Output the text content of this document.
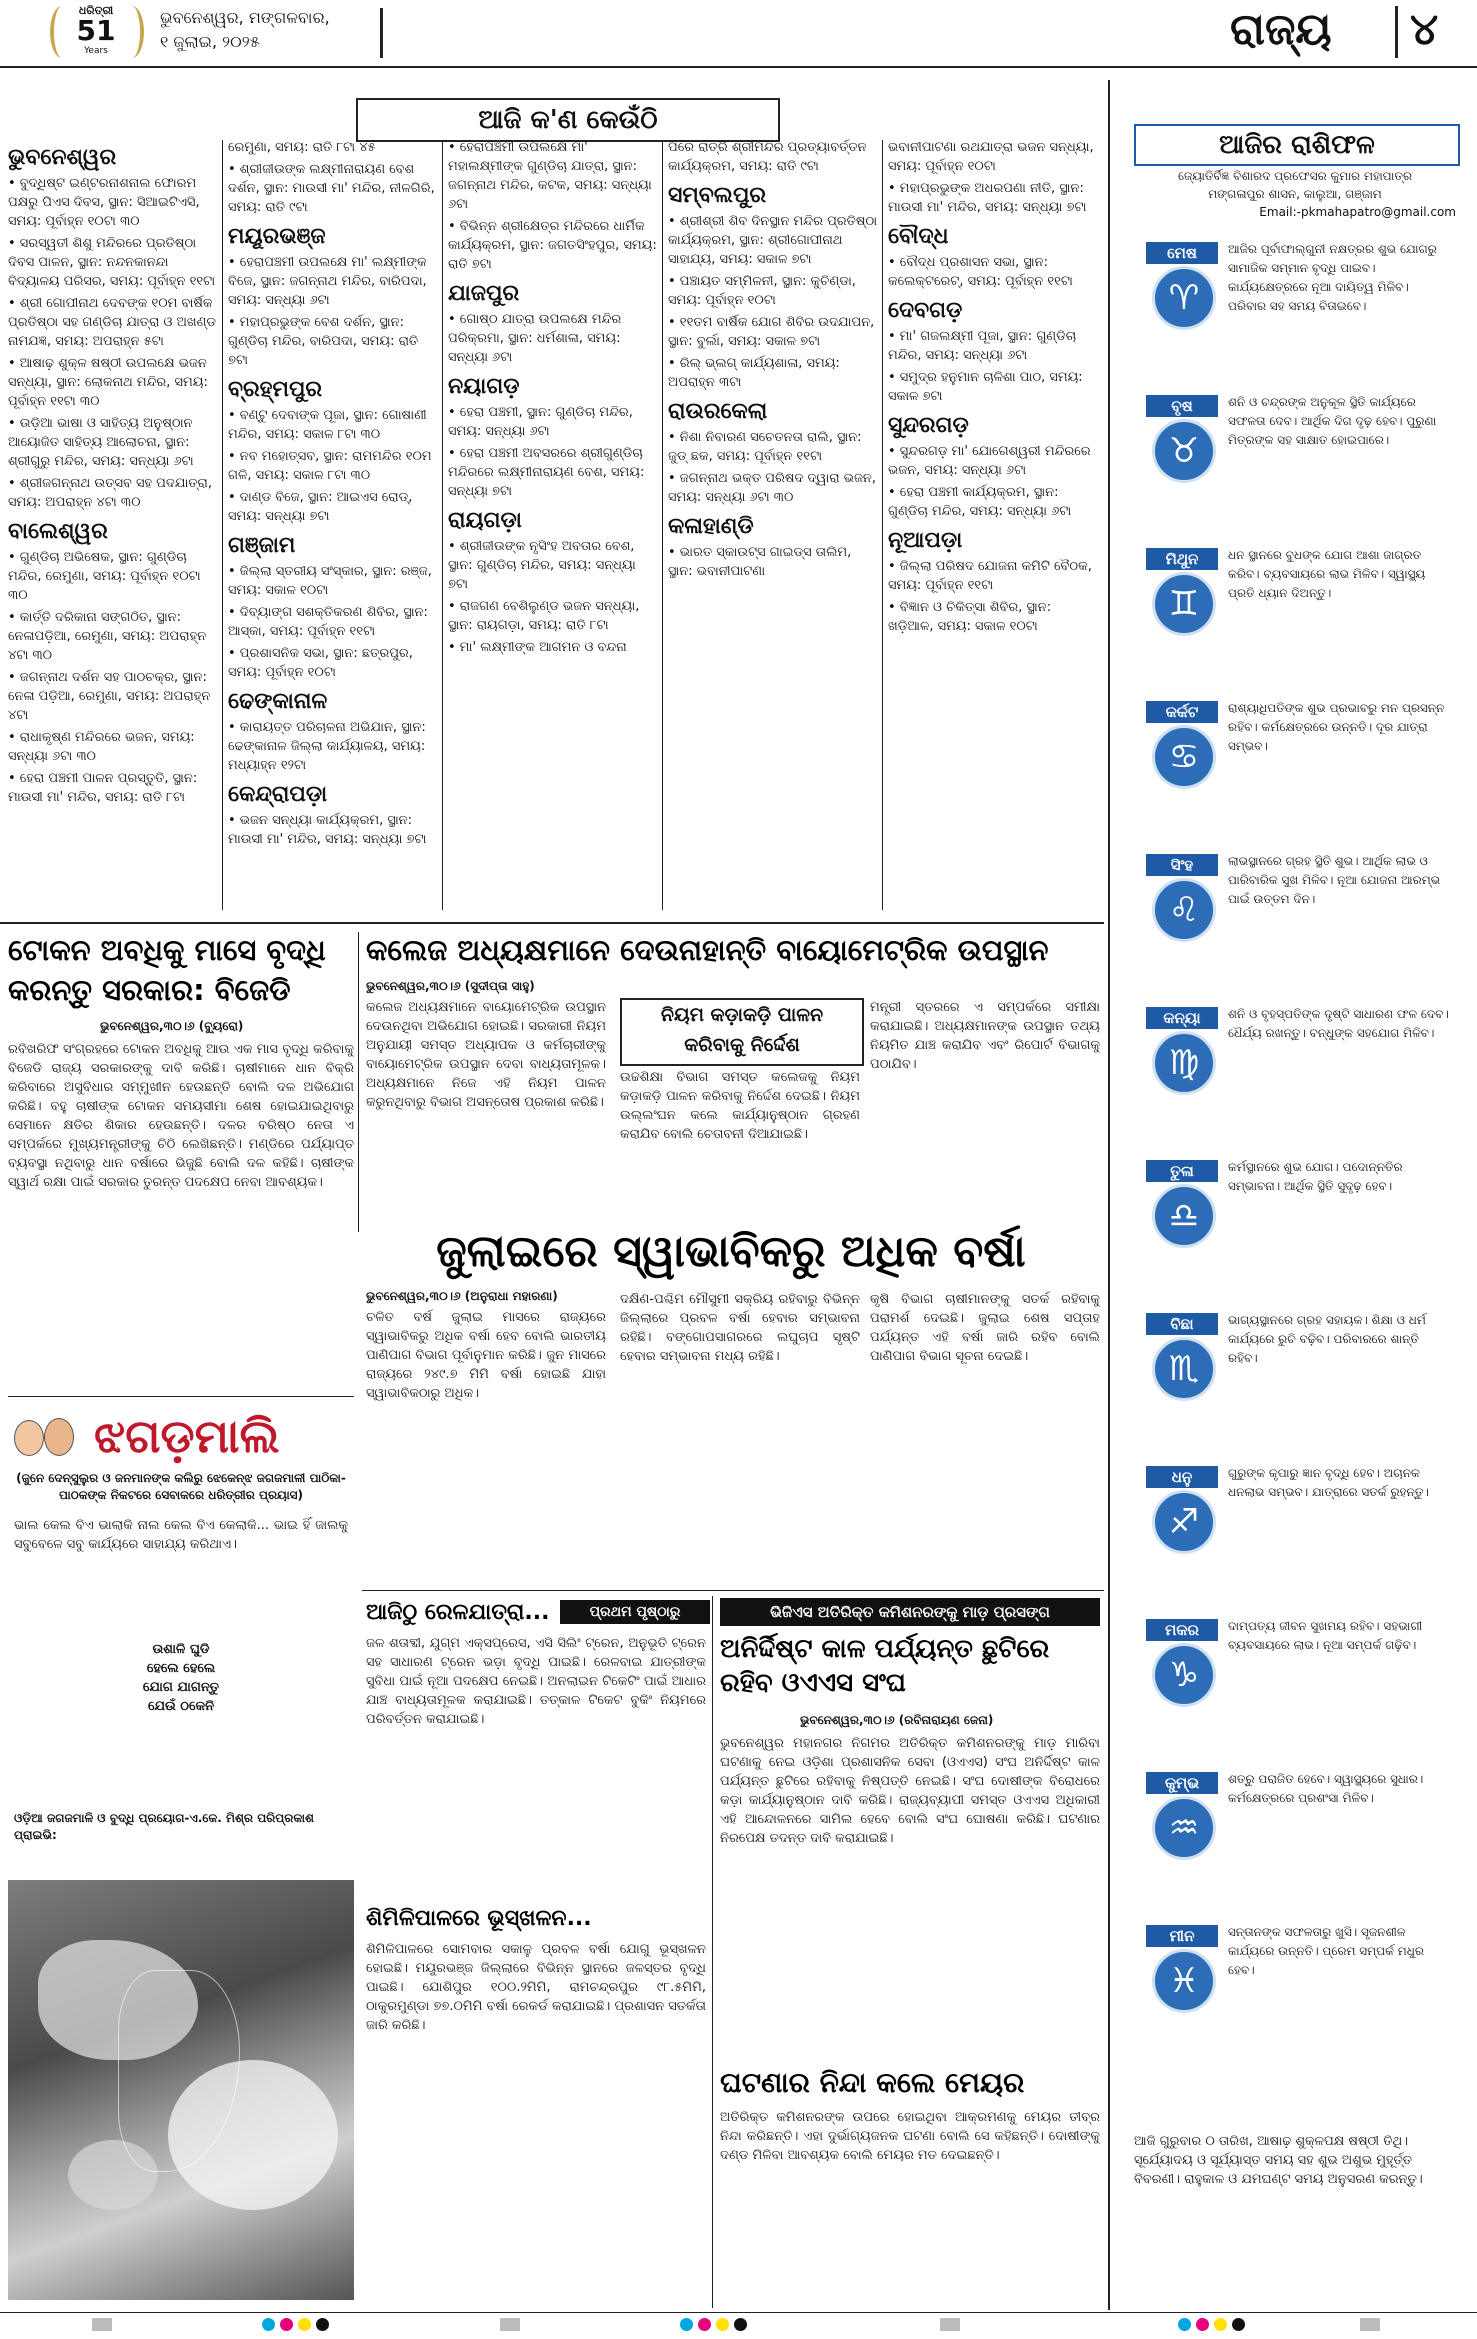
ଧରିତ୍ରୀ
51
Years
ଭୁବନେଶ୍ୱର, ମଙ୍ଗଳବାର,
୧ ଜୁଲାଇ, ୨୦୨୫	ରାଜ୍ୟ ୪
ଆଜି କ'ଣ କେଉଁଠି
ଭୁବନେଶ୍ୱର
• ବୁଦ୍ଧିଷ୍ଟ ଇଣ୍ଟରନାଶନାଲ ଫୋରମ ପକ୍ଷରୁ ପିଏସ ଦିବସ, ସ୍ଥାନ: ସିଆଇଟିଏସି, ସମୟ: ପୂର୍ବାହ୍ନ ୧୦ଟା ୩୦
• ସରସ୍ୱତୀ ଶିଶୁ ମନ୍ଦିରରେ ପ୍ରତିଷ୍ଠା ଦିବସ ପାଳନ, ସ୍ଥାନ: ନନ୍ଦନକାନନ୍ଦା ବିଦ୍ୟାଳୟ ପରିସର, ସମୟ: ପୂର୍ବାହ୍ନ ୧୧ଟା
• ଶ୍ରୀ ଗୋପୀନାଥ ଦେବଙ୍କ ୧୦ମ ବାର୍ଷିକ ପ୍ରତିଷ୍ଠା ସହ ଗଣ୍ଡିଚା ଯାତ୍ରା ଓ ଅଖଣ୍ଡ ନାମଯଜ୍ଞ, ସମୟ: ଅପରାହ୍ନ ୫ଟା
• ଆଷାଢ଼ ଶୁକ୍ଳ ଷଷ୍ଠୀ ଉପଲକ୍ଷେ ଭଜନ ସନ୍ଧ୍ୟା, ସ୍ଥାନ: ଲୋକନାଥ ମନ୍ଦିର, ସମୟ: ପୂର୍ବାହ୍ନ ୧୧ଟା ୩୦
• ଉଡ଼ିଆ ଭାଷା ଓ ସାହିତ୍ୟ ଅନୁଷ୍ଠାନ ଆୟୋଜିତ ସାହିତ୍ୟ ଆଲୋଚନା, ସ୍ଥାନ: ଶ୍ରୀଗୁରୁ ମନ୍ଦିର, ସମୟ: ସନ୍ଧ୍ୟା ୬ଟା
• ଶ୍ରୀଜଗନ୍ନାଥ ଉତ୍ସବ ସହ ପଦଯାତ୍ରା, ସମୟ: ଅପରାହ୍ନ ୪ଟା ୩୦
ବାଲେଶ୍ୱର
• ଗୁଣ୍ଡିଚା ଅଭିଷେକ, ସ୍ଥାନ: ଗୁଣ୍ଡିଚା ମନ୍ଦିର, ରେମୁଣା, ସମୟ: ପୂର୍ବାହ୍ନ ୧୦ଟା ୩୦
• କାର୍ତ୍ତି ଦରିକାନା ସଙ୍ଗଠିତ, ସ୍ଥାନ: ନେଳାପଡ଼ିଆ, ରେମୁଣା, ସମୟ: ଅପରାହ୍ନ ୪ଟା ୩୦
• ଜଗନ୍ନାଥ ଦର୍ଶନ ସହ ପାଠଚକ୍ର, ସ୍ଥାନ: ନେଳା ପଡ଼ିଆ, ରେମୁଣା, ସମୟ: ଅପରାହ୍ନ ୪ଟା
• ରାଧାକୃଷ୍ଣ ମନ୍ଦିରରେ ଭଜନ, ସମୟ: ସନ୍ଧ୍ୟା ୬ଟା ୩୦
• ହେରା ପଞ୍ଚମୀ ପାଳନ ପ୍ରସ୍ତୁତି, ସ୍ଥାନ: ମାଉସୀ ମା' ମନ୍ଦିର, ସମୟ: ରାତି ୮ଟା
ରେମୁଣା, ସମୟ: ରାତି ୮ଟା ୪୫
• ଶ୍ରୀଜୀଉଙ୍କ ଲକ୍ଷ୍ମୀନାରାୟଣ ବେଶ ଦର୍ଶନ, ସ୍ଥାନ: ମାଉସୀ ମା' ମନ୍ଦିର, ନୀଳଗିରି, ସମୟ: ରାତି ୯ଟା
ମୟୂରଭଞ୍ଜ
• ହେରାପଞ୍ଚମୀ ଉପଲକ୍ଷେ ମା' ଲକ୍ଷ୍ମୀଙ୍କ ବିଜେ, ସ୍ଥାନ: ଜଗନ୍ନାଥ ମନ୍ଦିର, ବାରିପଦା, ସମୟ: ସନ୍ଧ୍ୟା ୬ଟା
• ମହାପ୍ରଭୁଙ୍କ ବେଶ ଦର୍ଶନ, ସ୍ଥାନ: ଗୁଣ୍ଡିଚା ମନ୍ଦିର, ବାରିପଦା, ସମୟ: ରାତି ୭ଟା
ବ୍ରହ୍ମପୁର
• ବଣ୍ଟୁ ଦେବାଙ୍କ ପୂଜା, ସ୍ଥାନ: ଗୋଷାଣୀ ମନ୍ଦିର, ସମୟ: ସକାଳ ୮ଟା ୩୦
• ନବ ମହୋତ୍ସବ, ସ୍ଥାନ: ରାମମନ୍ଦିର ୧୦ମ ଗଳି, ସମୟ: ସକାଳ ୮ଟା ୩୦
• ଦାଣ୍ଡ ବିଜେ, ସ୍ଥାନ: ଆଇଏସ ରୋଡ୍, ସମୟ: ସନ୍ଧ୍ୟା ୭ଟା
ଗଞ୍ଜାମ
• ଜିଲ୍ଲା ସ୍ତରୀୟ ସଂସ୍କାର, ସ୍ଥାନ: ରଞ୍ଜ, ସମୟ: ସକାଳ ୧୦ଟା
• ଦିବ୍ୟାଙ୍ଗ ସଶକ୍ତିକରଣ ଶିବିର, ସ୍ଥାନ: ଆସ୍କା, ସମୟ: ପୂର୍ବାହ୍ନ ୧୧ଟା
• ପ୍ରଶାସନିକ ସଭା, ସ୍ଥାନ: ଛତ୍ରପୁର, ସମୟ: ପୂର୍ବାହ୍ନ ୧୦ଟା
ଢେଙ୍କାନାଳ
• କାରାୟତ୍ତ ପରିଚାଳନା ଅଭିଯାନ, ସ୍ଥାନ: ଢେଙ୍କାନାଳ ଜିଲ୍ଲା କାର୍ଯ୍ୟାଳୟ, ସମୟ: ମଧ୍ୟାହ୍ନ ୧୨ଟା
କେନ୍ଦ୍ରାପଡ଼ା
• ଭଜନ ସନ୍ଧ୍ୟା କାର୍ଯ୍ୟକ୍ରମ, ସ୍ଥାନ: ମାଉସୀ ମା' ମନ୍ଦିର, ସମୟ: ସନ୍ଧ୍ୟା ୭ଟା
• ହେରାପଞ୍ଚମୀ ଉପଲକ୍ଷେ ମା' ମହାଲକ୍ଷ୍ମୀଙ୍କ ଗୁଣ୍ଡିଚା ଯାତ୍ରା, ସ୍ଥାନ: ଜଗନ୍ନାଥ ମନ୍ଦିର, କଟକ, ସମୟ: ସନ୍ଧ୍ୟା ୬ଟା
• ବିଭିନ୍ନ ଶ୍ରୀକ୍ଷେତ୍ର ମନ୍ଦିରରେ ଧାର୍ମିକ କାର୍ଯ୍ୟକ୍ରମ, ସ୍ଥାନ: ଜଗତସିଂହପୁର, ସମୟ: ରାତି ୭ଟା
ଯାଜପୁର
• ଗୋଷ୍ଠ ଯାତ୍ରା ଉପଲକ୍ଷେ ମନ୍ଦିର ପରିକ୍ରମା, ସ୍ଥାନ: ଧର୍ମଶାଳା, ସମୟ: ସନ୍ଧ୍ୟା ୬ଟା
ନୟାଗଡ଼
• ହେରା ପଞ୍ଚମୀ, ସ୍ଥାନ: ଗୁଣ୍ଡିଚା ମନ୍ଦିର, ସମୟ: ସନ୍ଧ୍ୟା ୬ଟା
• ହେରା ପଞ୍ଚମୀ ଅବସରରେ ଶ୍ରୀଗୁଣ୍ଡିଚା ମନ୍ଦିରରେ ଲକ୍ଷ୍ମୀନାରାୟଣ ବେଶ, ସମୟ: ସନ୍ଧ୍ୟା ୭ଟା
ରାୟଗଡ଼ା
• ଶ୍ରୀଜୀଉଙ୍କ ନୃସିଂହ ଅବତାର ବେଶ, ସ୍ଥାନ: ଗୁଣ୍ଡିଚା ମନ୍ଦିର, ସମୟ: ସନ୍ଧ୍ୟା ୭ଟା
• ରାଜଗଣ ବେଶିଲୁଣ୍ଡ ଭଜନ ସନ୍ଧ୍ୟା, ସ୍ଥାନ: ରାୟଗଡ଼ା, ସମୟ: ରାତି ୮ଟା
• ମା' ଲକ୍ଷ୍ମୀଙ୍କ ଆଗମନ ଓ ବନ୍ଦନା
ପରେ ରାତ୍ରି ଶ୍ରୀମନ୍ଦିର ପ୍ରତ୍ୟାବର୍ତ୍ତନ କାର୍ଯ୍ୟକ୍ରମ, ସମୟ: ରାତି ୯ଟା
ସମ୍ବଲପୁର
• ଶ୍ରୀଶ୍ରୀ ଶିବ ଦିନସ୍ଥାନ ମନ୍ଦିର ପ୍ରତିଷ୍ଠା କାର୍ଯ୍ୟକ୍ରମ, ସ୍ଥାନ: ଶ୍ରୀଗୋପୀନାଥ ସାହାଯ୍ୟ, ସମୟ: ସକାଳ ୭ଟା
• ପଞ୍ଚାୟତ ସମ୍ମିଳନୀ, ସ୍ଥାନ: କୁଚିଣ୍ଡା, ସମୟ: ପୂର୍ବାହ୍ନ ୧୦ଟା
• ୧୧ତମ ବାର୍ଷିକ ଯୋଗ ଶିବିର ଉଦଯାପନ, ସ୍ଥାନ: ବୁର୍ଲା, ସମୟ: ସକାଳ ୭ଟା
• ରିଲ୍ ଭ୍ଲଗ୍ କାର୍ଯ୍ୟଶାଳା, ସମୟ: ଅପରାହ୍ନ ୩ଟା
ରାଉରକେଲା
• ନିଶା ନିବାରଣ ସଚେତନତା ରାଲି, ସ୍ଥାନ: ଜୁଡ୍ ଛକ, ସମୟ: ପୂର୍ବାହ୍ନ ୧୧ଟା
• ଜଗନ୍ନାଥ ଭକ୍ତ ପରିଷଦ ଦ୍ୱାରା ଭଜନ, ସମୟ: ସନ୍ଧ୍ୟା ୬ଟା ୩୦
କଳାହାଣ୍ଡି
• ଭାରତ ସ୍କାଉଟ୍ସ ଗାଇଡ୍ସ ତାଲିମ, ସ୍ଥାନ: ଭବାନୀପାଟଣା
ଭବାନୀପାଟଣା ରଥଯାତ୍ରା ଭଜନ ସନ୍ଧ୍ୟା, ସମୟ: ପୂର୍ବାହ୍ନ ୧୦ଟା
• ମହାପ୍ରଭୁଙ୍କ ଅଧରପଣା ନୀତି, ସ୍ଥାନ: ମାଉସୀ ମା' ମନ୍ଦିର, ସମୟ: ସନ୍ଧ୍ୟା ୭ଟା
ବୌଦ୍ଧ
• ବୌଦ୍ଧ ପ୍ରଶାସନ ସଭା, ସ୍ଥାନ: କଲେକ୍ଟରେଟ୍, ସମୟ: ପୂର୍ବାହ୍ନ ୧୧ଟା
ଦେବଗଡ଼
• ମା' ଗଜଲକ୍ଷ୍ମୀ ପୂଜା, ସ୍ଥାନ: ଗୁଣ୍ଡିଚା ମନ୍ଦିର, ସମୟ: ସନ୍ଧ୍ୟା ୬ଟା
• ସମୁଦ୍ର ହନୁମାନ ଚାଳିଶା ପାଠ, ସମୟ: ସକାଳ ୭ଟା
ସୁନ୍ଦରଗଡ଼
• ସୁନ୍ଦରଗଡ଼ ମା' ଯୋଗେଶ୍ୱରୀ ମନ୍ଦିରରେ ଭଜନ, ସମୟ: ସନ୍ଧ୍ୟା ୬ଟା
• ହେରା ପଞ୍ଚମୀ କାର୍ଯ୍ୟକ୍ରମ, ସ୍ଥାନ: ଗୁଣ୍ଡିଚା ମନ୍ଦିର, ସମୟ: ସନ୍ଧ୍ୟା ୬ଟା
ନୂଆପଡ଼ା
• ଜିଲ୍ଲା ପରିଷଦ ଯୋଜନା କମିଟି ବୈଠକ, ସମୟ: ପୂର୍ବାହ୍ନ ୧୧ଟା
• ବିଜ୍ଞାନ ଓ ଚିକିତ୍ସା ଶିବିର, ସ୍ଥାନ: ଖଡ଼ିଆଳ, ସମୟ: ସକାଳ ୧୦ଟା
ଆଜିର ରାଶିଫଳ
ଜ୍ୟୋତିର୍ବିଜ୍ଞ ବିଶାରଦ ପ୍ରଫେସର କୁମାର ମହାପାତ୍ର
ମଙ୍ଗଳାପୁର ଶାସନ, କାଲୁଆ, ଗଞ୍ଜାମ
Email:-pkmahapatro@gmail.com
ମେଷ
♈
ଆଜିର ପୂର୍ବାଫାଲ୍ଗୁନୀ ନକ୍ଷତ୍ରର ଶୁଭ ଯୋଗରୁ ସାମାଜିକ ସମ୍ମାନ ବୃଦ୍ଧି ପାଇବ। କାର୍ଯ୍ୟକ୍ଷେତ୍ରରେ ନୂଆ ଦାୟିତ୍ୱ ମିଳିବ। ପରିବାର ସହ ସମୟ ବିତାଇବେ।
ବୃଷ
♉
ଶନି ଓ ଚନ୍ଦ୍ରଙ୍କ ଅନୁକୂଳ ସ୍ଥିତି କାର୍ଯ୍ୟରେ ସଫଳତା ଦେବ। ଆର୍ଥିକ ଦିଗ ଦୃଢ଼ ହେବ। ପୁରୁଣା ମିତ୍ରଙ୍କ ସହ ସାକ୍ଷାତ ହୋଇପାରେ।
ମିଥୁନ
♊
ଧନ ସ୍ଥାନରେ ବୁଧଙ୍କ ଯୋଗ ଆଶା ଜାଗ୍ରତ କରିବ। ବ୍ୟବସାୟରେ ଲାଭ ମିଳିବ। ସ୍ୱାସ୍ଥ୍ୟ ପ୍ରତି ଧ୍ୟାନ ଦିଅନ୍ତୁ।
କର୍କଟ
♋
ରାଶ୍ୟାଧିପତିଙ୍କ ଶୁଭ ପ୍ରଭାବରୁ ମନ ପ୍ରସନ୍ନ ରହିବ। କର୍ମକ୍ଷେତ୍ରରେ ଉନ୍ନତି। ଦୂର ଯାତ୍ରା ସମ୍ଭବ।
ସିଂହ
♌
ଲାଭସ୍ଥାନରେ ଗ୍ରହ ସ୍ଥିତି ଶୁଭ। ଆର୍ଥିକ ଲାଭ ଓ ପାରିବାରିକ ସୁଖ ମିଳିବ। ନୂଆ ଯୋଜନା ଆରମ୍ଭ ପାଇଁ ଉତ୍ତମ ଦିନ।
କନ୍ୟା
♍
ଶନି ଓ ବୃହସ୍ପତିଙ୍କ ଦୃଷ୍ଟି ସାଧାରଣ ଫଳ ଦେବ। ଧୈର୍ଯ୍ୟ ରଖନ୍ତୁ। ବନ୍ଧୁଙ୍କ ସହଯୋଗ ମିଳିବ।
ତୁଳା
♎
କର୍ମସ୍ଥାନରେ ଶୁଭ ଯୋଗ। ପଦୋନ୍ନତିର ସମ୍ଭାବନା। ଆର୍ଥିକ ସ୍ଥିତି ସୁଦୃଢ଼ ହେବ।
ବିଛା
♏
ଭାଗ୍ୟସ୍ଥାନରେ ଗ୍ରହ ସହାୟକ। ଶିକ୍ଷା ଓ ଧର୍ମ କାର୍ଯ୍ୟରେ ରୁଚି ବଢ଼ିବ। ପରିବାରରେ ଶାନ୍ତି ରହିବ।
ଧନୁ
♐
ଗୁରୁଙ୍କ କୃପାରୁ ଜ୍ଞାନ ବୃଦ୍ଧି ହେବ। ଅଚାନକ ଧନଲାଭ ସମ୍ଭବ। ଯାତ୍ରାରେ ସତର୍କ ରୁହନ୍ତୁ।
ମକର
♑
ଦାମ୍ପତ୍ୟ ଜୀବନ ସୁଖମୟ ରହିବ। ସହଭାଗୀ ବ୍ୟବସାୟରେ ଲାଭ। ନୂଆ ସମ୍ପର୍କ ଗଢ଼ିବ।
କୁମ୍ଭ
♒
ଶତ୍ରୁ ପରାଜିତ ହେବେ। ସ୍ୱାସ୍ଥ୍ୟରେ ସୁଧାର। କର୍ମକ୍ଷେତ୍ରରେ ପ୍ରଶଂସା ମିଳିବ।
ମୀନ
♓
ସନ୍ତାନଙ୍କ ସଫଳତାରୁ ଖୁସି। ସୃଜନଶୀଳ କାର୍ଯ୍ୟରେ ଉନ୍ନତି। ପ୍ରେମ ସମ୍ପର୍କ ମଧୁର ହେବ।
ଆଜି ଗୁରୁବାର ୦ ତାରିଖ, ଆଷାଢ଼ ଶୁକ୍ଳପକ୍ଷ ଷଷ୍ଠୀ ତିଥି। ସୂର୍ଯ୍ୟୋଦୟ ଓ ସୂର୍ଯ୍ୟାସ୍ତ ସମୟ ସହ ଶୁଭ ଅଶୁଭ ମୁହୂର୍ତ୍ତ ବିବରଣୀ। ରାହୁକାଳ ଓ ଯମଘଣ୍ଟ ସମୟ ଅନୁସରଣ କରନ୍ତୁ।
ଟୋକନ ଅବଧିକୁ ମାସେ ବୃଦ୍ଧି କରନ୍ତୁ ସରକାର: ବିଜେଡି
ଭୁବନେଶ୍ୱର,୩୦।୬ (ବ୍ୟୁରୋ)
ରବିଖରିଫ ସଂଗ୍ରହରେ ଟୋକନ ଅବଧିକୁ ଆଉ ଏକ ମାସ ବୃଦ୍ଧି କରିବାକୁ ବିଜେଡି ରାଜ୍ୟ ସରକାରଙ୍କୁ ଦାବି କରିଛି। ଚାଷୀମାନେ ଧାନ ବିକ୍ରି କରିବାରେ ଅସୁବିଧାର ସମ୍ମୁଖୀନ ହେଉଛନ୍ତି ବୋଲି ଦଳ ଅଭିଯୋଗ କରିଛି। ବହୁ ଚାଷୀଙ୍କ ଟୋକନ ସମୟସୀମା ଶେଷ ହୋଇଯାଇଥିବାରୁ ସେମାନେ କ୍ଷତିର ଶିକାର ହେଉଛନ୍ତି। ଦଳର ବରିଷ୍ଠ ନେତା ଏ ସମ୍ପର୍କରେ ମୁଖ୍ୟମନ୍ତ୍ରୀଙ୍କୁ ଚିଠି ଲେଖିଛନ୍ତି। ମଣ୍ଡିରେ ପର୍ଯ୍ୟାପ୍ତ ବ୍ୟବସ୍ଥା ନଥିବାରୁ ଧାନ ବର୍ଷାରେ ଭିଜୁଛି ବୋଲି ଦଳ କହିଛି। ଚାଷୀଙ୍କ ସ୍ୱାର୍ଥ ରକ୍ଷା ପାଇଁ ସରକାର ତୁରନ୍ତ ପଦକ୍ଷେପ ନେବା ଆବଶ୍ୟକ।
କଲେଜ ଅଧ୍ୟକ୍ଷମାନେ ଦେଉନାହାନ୍ତି ବାୟୋମେଟ୍ରିକ ଉପସ୍ଥାନ
ଭୁବନେଶ୍ୱର,୩୦।୬ (ସୁଦୀପ୍ତା ସାହୁ)
କଲେଜ ଅଧ୍ୟକ୍ଷମାନେ ବାୟୋମେଟ୍ରିକ ଉପସ୍ଥାନ ଦେଉନଥିବା ଅଭିଯୋଗ ହୋଇଛି। ସରକାରୀ ନିୟମ ଅନୁଯାୟୀ ସମସ୍ତ ଅଧ୍ୟାପକ ଓ କର୍ମଚାରୀଙ୍କୁ ବାୟୋମେଟ୍ରିକ ଉପସ୍ଥାନ ଦେବା ବାଧ୍ୟତାମୂଳକ। ଅଧ୍ୟକ୍ଷମାନେ ନିଜେ ଏହି ନିୟମ ପାଳନ କରୁନଥିବାରୁ ବିଭାଗ ଅସନ୍ତୋଷ ପ୍ରକାଶ କରିଛି।
ନିୟମ କଡ଼ାକଡ଼ି ପାଳନ
କରିବାକୁ ନିର୍ଦ୍ଦେଶ
ଉଚ୍ଚଶିକ୍ଷା ବିଭାଗ ସମସ୍ତ କଲେଜକୁ ନିୟମ କଡ଼ାକଡ଼ି ପାଳନ କରିବାକୁ ନିର୍ଦ୍ଦେଶ ଦେଇଛି। ନିୟମ ଉଲ୍ଲଂଘନ କଲେ କାର୍ଯ୍ୟାନୁଷ୍ଠାନ ଗ୍ରହଣ କରାଯିବ ବୋଲି ଚେତାବନୀ ଦିଆଯାଇଛି।
ମନ୍ତ୍ରୀ ସ୍ତରରେ ଏ ସମ୍ପର୍କରେ ସମୀକ୍ଷା କରାଯାଇଛି। ଅଧ୍ୟକ୍ଷମାନଙ୍କ ଉପସ୍ଥାନ ତଥ୍ୟ ନିୟମିତ ଯାଞ୍ଚ କରାଯିବ ଏବଂ ରିପୋର୍ଟ ବିଭାଗକୁ ପଠାଯିବ।
ଜୁଲାଇରେ ସ୍ୱାଭାବିକରୁ ଅଧିକ ବର୍ଷା
ଭୁବନେଶ୍ୱର,୩୦।୬ (ଅନୁରାଧା ମହାରଣା)
ଚଳିତ ବର୍ଷ ଜୁଲାଇ ମାସରେ ରାଜ୍ୟରେ ସ୍ୱାଭାବିକରୁ ଅଧିକ ବର୍ଷା ହେବ ବୋଲି ଭାରତୀୟ ପାଣିପାଗ ବିଭାଗ ପୂର୍ବାନୁମାନ କରିଛି। ଜୁନ ମାସରେ ରାଜ୍ୟରେ ୨୪୯.୭ ମିମି ବର୍ଷା ହୋଇଛି ଯାହା ସ୍ୱାଭାବିକଠାରୁ ଅଧିକ।
ଦକ୍ଷିଣ-ପଶ୍ଚିମ ମୌସୁମୀ ସକ୍ରିୟ ରହିବାରୁ ବିଭିନ୍ନ ଜିଲ୍ଲାରେ ପ୍ରବଳ ବର୍ଷା ହେବାର ସମ୍ଭାବନା ରହିଛି। ବଙ୍ଗୋପସାଗରରେ ଲଘୁଚାପ ସୃଷ୍ଟି ହେବାର ସମ୍ଭାବନା ମଧ୍ୟ ରହିଛି।
କୃଷି ବିଭାଗ ଚାଷୀମାନଙ୍କୁ ସତର୍କ ରହିବାକୁ ପରାମର୍ଶ ଦେଇଛି। ଜୁଲାଇ ଶେଷ ସପ୍ତାହ ପର୍ଯ୍ୟନ୍ତ ଏହି ବର୍ଷା ଜାରି ରହିବ ବୋଲି ପାଣିପାଗ ବିଭାଗ ସୂଚନା ଦେଇଛି।
ଝଗଡ଼ମାଲି
(ଜୁନେ ଦେନ୍‌ସୁଲୁର ଓ ଜନମାନଙ୍କ କଲିରୁ ଝେକେନ୍‌ଝ ଜଗଜମାଳୀ ପାଠିକା-ପାଠକଙ୍କ ନିକଟରେ ସେବାକରେ ଧରିତ୍ରୀର ପ୍ରୟାସ)
ଭାଲ କେଲ ବିଏ ଭାଲାକି ନାଲ କେଲ ବିଏ କେଲାକି... ଭାଇ ହିଁ ଜାଲକୁ ସବୁବେଳେ ସବୁ କାର୍ଯ୍ୟରେ ସାହାଯ୍ୟ କରିଥାଏ।
ଉଶାଳି ଘୁଡି
ହେଲେ ହେଲେ
ଯୋଗ ଯାଗନ୍ତୁ
ଯେଉଁ ଠକେନି
ଓଡ଼ିଆ ଜଗଜମାଳି ଓ ବୁଦ୍ଧି ପ୍ରୟୋଗ-ଏ.କେ. ମିଶ୍ର ପରିପ୍ରକାଶ ପ୍ରାଇଭି:
ଆଜିଠୁ ରେଳଯାତ୍ରା...	ପ୍ରଥମ ପୃଷ୍ଠାରୁ
ଜଳ ଶତାବ୍ଦୀ, ଯୁଗ୍ମ ଏକ୍ସପ୍ରେସ, ଏସି ସିଲିଂ ଟ୍ରେନ, ଅନୁଭୂତି ଟ୍ରେନ ସହ ସାଧାରଣ ଟ୍ରେନ ଭଡ଼ା ବୃଦ୍ଧି ପାଇଛି। ରେଳବାଇ ଯାତ୍ରୀଙ୍କ ସୁବିଧା ପାଇଁ ନୂଆ ପଦକ୍ଷେପ ନେଇଛି। ଅନଲାଇନ ଟିକେଟିଂ ପାଇଁ ଆଧାର ଯାଞ୍ଚ ବାଧ୍ୟତାମୂଳକ କରାଯାଇଛି। ତତ୍କାଳ ଟିକେଟ ବୁକିଂ ନିୟମରେ ପରିବର୍ତ୍ତନ କରାଯାଇଛି।
ଶିମିଳିପାଳରେ ଭୂସ୍ଖଳନ...
ଶିମିଳିପାଳରେ ସୋମବାର ସକାଳୁ ପ୍ରବଳ ବର୍ଷା ଯୋଗୁ ଭୂସ୍ଖଳନ ହୋଇଛି। ମୟୂରଭଞ୍ଜ ଜିଲ୍ଲାରେ ବିଭିନ୍ନ ସ୍ଥାନରେ ଜଳସ୍ତର ବୃଦ୍ଧି ପାଇଛି। ଯୋଶିପୁର ୧୦୦.୨ମିମି, ରାମଚନ୍ଦ୍ରପୁର ୯୮.୫ମିମି, ଠାକୁରମୁଣ୍ଡା ୭୭.୦ମିମି ବର୍ଷା ରେକର୍ଡ କରାଯାଇଛି। ପ୍ରଶାସନ ସତର୍କତା ଜାରି କରିଛି।
ଭିଜିଏସ ଅତିରିକ୍ତ କମିଶନରଙ୍କୁ ମାଡ଼ ପ୍ରସଙ୍ଗ
ଅନିର୍ଦ୍ଦିଷ୍ଟ କାଳ ପର୍ଯ୍ୟନ୍ତ ଛୁଟିରେ ରହିବ ଓଏଏସ ସଂଘ
ଭୁବନେଶ୍ୱର,୩୦।୬ (ରବିନାରାୟଣ ଜେନା)
ଭୁବନେଶ୍ୱର ମହାନଗର ନିଗମର ଅତିରିକ୍ତ କମିଶନରଙ୍କୁ ମାଡ଼ ମାରିବା ଘଟଣାକୁ ନେଇ ଓଡ଼ିଶା ପ୍ରଶାସନିକ ସେବା (ଓଏଏସ) ସଂଘ ଅନିର୍ଦ୍ଦିଷ୍ଟ କାଳ ପର୍ଯ୍ୟନ୍ତ ଛୁଟିରେ ରହିବାକୁ ନିଷ୍ପତ୍ତି ନେଇଛି। ସଂଘ ଦୋଷୀଙ୍କ ବିରୋଧରେ କଡ଼ା କାର୍ଯ୍ୟାନୁଷ୍ଠାନ ଦାବି କରିଛି। ରାଜ୍ୟବ୍ୟାପୀ ସମସ୍ତ ଓଏଏସ ଅଧିକାରୀ ଏହି ଆନ୍ଦୋଳନରେ ସାମିଲ ହେବେ ବୋଲି ସଂଘ ଘୋଷଣା କରିଛି। ଘଟଣାର ନିରପେକ୍ଷ ତଦନ୍ତ ଦାବି କରାଯାଇଛି।
ଘଟଣାର ନିନ୍ଦା କଲେ ମେୟର
ଅତିରିକ୍ତ କମିଶନରଙ୍କ ଉପରେ ହୋଇଥିବା ଆକ୍ରମଣକୁ ମେୟର ତୀବ୍ର ନିନ୍ଦା କରିଛନ୍ତି। ଏହା ଦୁର୍ଭାଗ୍ୟଜନକ ଘଟଣା ବୋଲି ସେ କହିଛନ୍ତି। ଦୋଷୀଙ୍କୁ ଦଣ୍ଡ ମିଳିବା ଆବଶ୍ୟକ ବୋଲି ମେୟର ମତ ଦେଇଛନ୍ତି।
